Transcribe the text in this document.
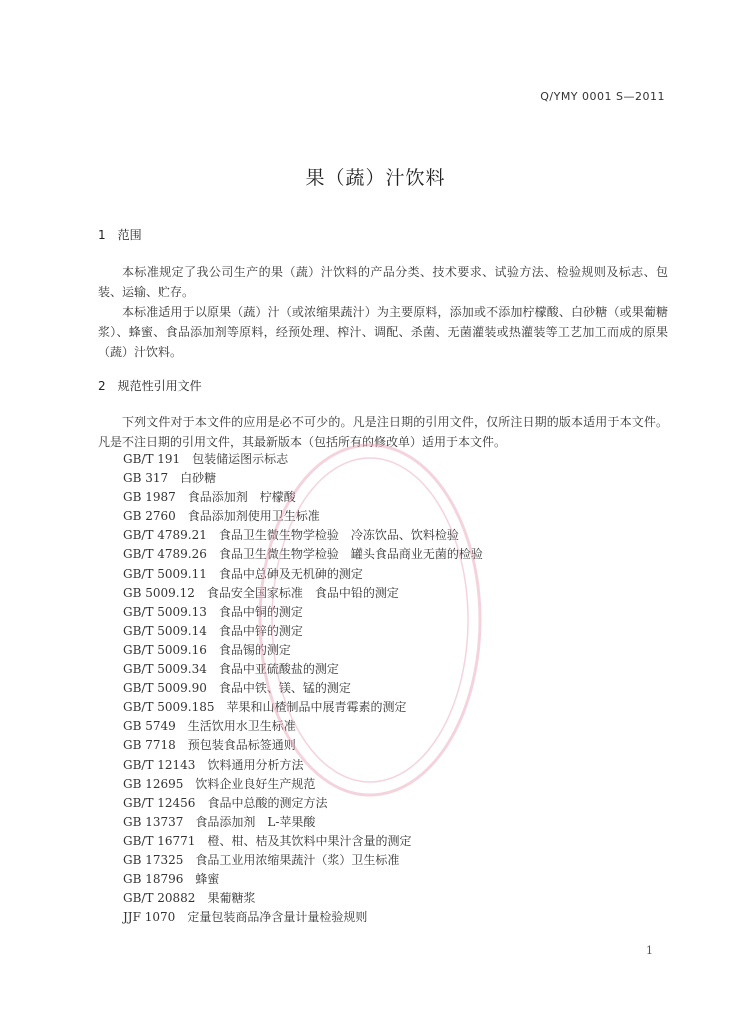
Q/YMY 0001 S—2011
果（蔬）汁饮料
1 范围
本标准规定了我公司生产的果（蔬）汁饮料的产品分类、技术要求、试验方法、检验规则及标志、包装、运输、贮存。
本标准适用于以原果（蔬）汁（或浓缩果蔬汁）为主要原料，添加或不添加柠檬酸、白砂糖（或果葡糖浆）、蜂蜜、食品添加剂等原料，经预处理、榨汁、调配、杀菌、无菌灌装或热灌装等工艺加工而成的原果（蔬）汁饮料。
2 规范性引用文件
下列文件对于本文件的应用是必不可少的。凡是注日期的引用文件，仅所注日期的版本适用于本文件。凡是不注日期的引用文件，其最新版本（包括所有的修改单）适用于本文件。
GB/T 191 包装储运图示标志
GB 317 白砂糖
GB 1987 食品添加剂　柠檬酸
GB 2760 食品添加剂使用卫生标准
GB/T 4789.21 食品卫生微生物学检验　冷冻饮品、饮料检验
GB/T 4789.26 食品卫生微生物学检验　罐头食品商业无菌的检验
GB/T 5009.11 食品中总砷及无机砷的测定
GB 5009.12 食品安全国家标准　食品中铅的测定
GB/T 5009.13 食品中铜的测定
GB/T 5009.14 食品中锌的测定
GB/T 5009.16 食品锡的测定
GB/T 5009.34 食品中亚硫酸盐的测定
GB/T 5009.90 食品中铁、镁、锰的测定
GB/T 5009.185 苹果和山楂制品中展青霉素的测定
GB 5749 生活饮用水卫生标准
GB 7718 预包装食品标签通则
GB/T 12143 饮料通用分析方法
GB 12695 饮料企业良好生产规范
GB/T 12456 食品中总酸的测定方法
GB 13737 食品添加剂　L-苹果酸
GB/T 16771 橙、柑、桔及其饮料中果汁含量的测定
GB 17325 食品工业用浓缩果蔬汁（浆）卫生标准
GB 18796 蜂蜜
GB/T 20882 果葡糖浆
JJF 1070 定量包装商品净含量计量检验规则
1
